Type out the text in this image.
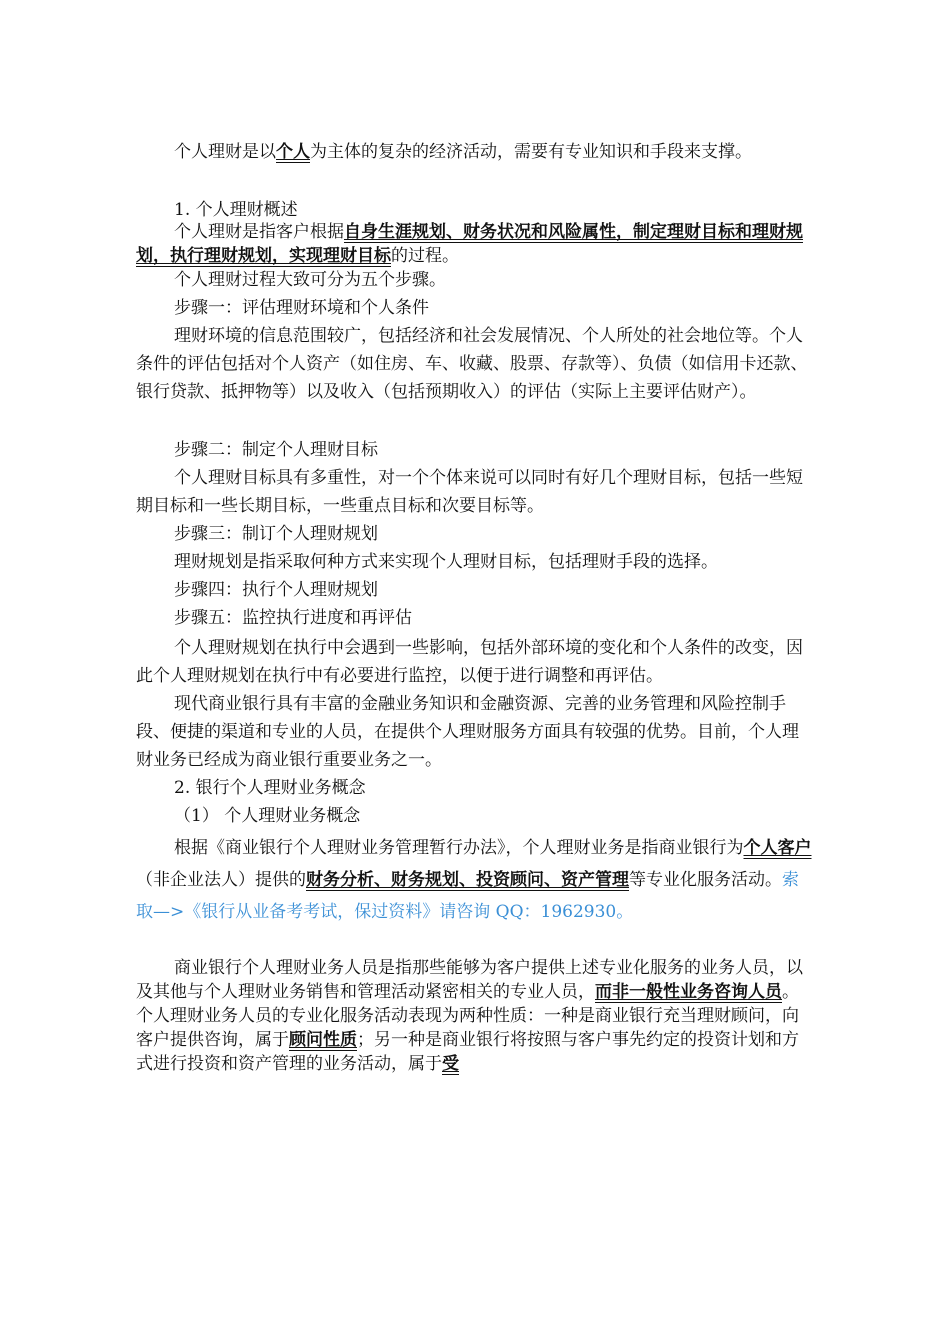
个人理财是以个人为主体的复杂的经济活动，需要有专业知识和手段来支撑。

1. 个人理财概述

个人理财是指客户根据自身生涯规划、财务状况和风险属性，制定理财目标和理财规划，执行理财规划，实现理财目标的过程。

个人理财过程大致可分为五个步骤。

步骤一：评估理财环境和个人条件

理财环境的信息范围较广，包括经济和社会发展情况、个人所处的社会地位等。个人条件的评估包括对个人资产（如住房、车、收藏、股票、存款等）、负债（如信用卡还款、银行贷款、抵押物等）以及收入（包括预期收入）的评估（实际上主要评估财产）。

步骤二：制定个人理财目标

个人理财目标具有多重性，对一个个体来说可以同时有好几个理财目标，包括一些短期目标和一些长期目标，一些重点目标和次要目标等。

步骤三：制订个人理财规划

理财规划是指采取何种方式来实现个人理财目标，包括理财手段的选择。

步骤四：执行个人理财规划

步骤五：监控执行进度和再评估

个人理财规划在执行中会遇到一些影响，包括外部环境的变化和个人条件的改变，因此个人理财规划在执行中有必要进行监控，以便于进行调整和再评估。

现代商业银行具有丰富的金融业务知识和金融资源、完善的业务管理和风险控制手段、便捷的渠道和专业的人员，在提供个人理财服务方面具有较强的优势。目前，个人理财业务已经成为商业银行重要业务之一。

2. 银行个人理财业务概念

（1） 个人理财业务概念

根据《商业银行个人理财业务管理暂行办法》，个人理财业务是指商业银行为个人客户（非企业法人）提供的财务分析、财务规划、投资顾问、资产管理等专业化服务活动。索取—>《银行从业备考考试，保过资料》请咨询 QQ：1962930。

商业银行个人理财业务人员是指那些能够为客户提供上述专业化服务的业务人员，以及其他与个人理财业务销售和管理活动紧密相关的专业人员，而非一般性业务咨询人员。个人理财业务人员的专业化服务活动表现为两种性质：一种是商业银行充当理财顾问，向客户提供咨询，属于顾问性质；另一种是商业银行将按照与客户事先约定的投资计划和方式进行投资和资产管理的业务活动，属于受
